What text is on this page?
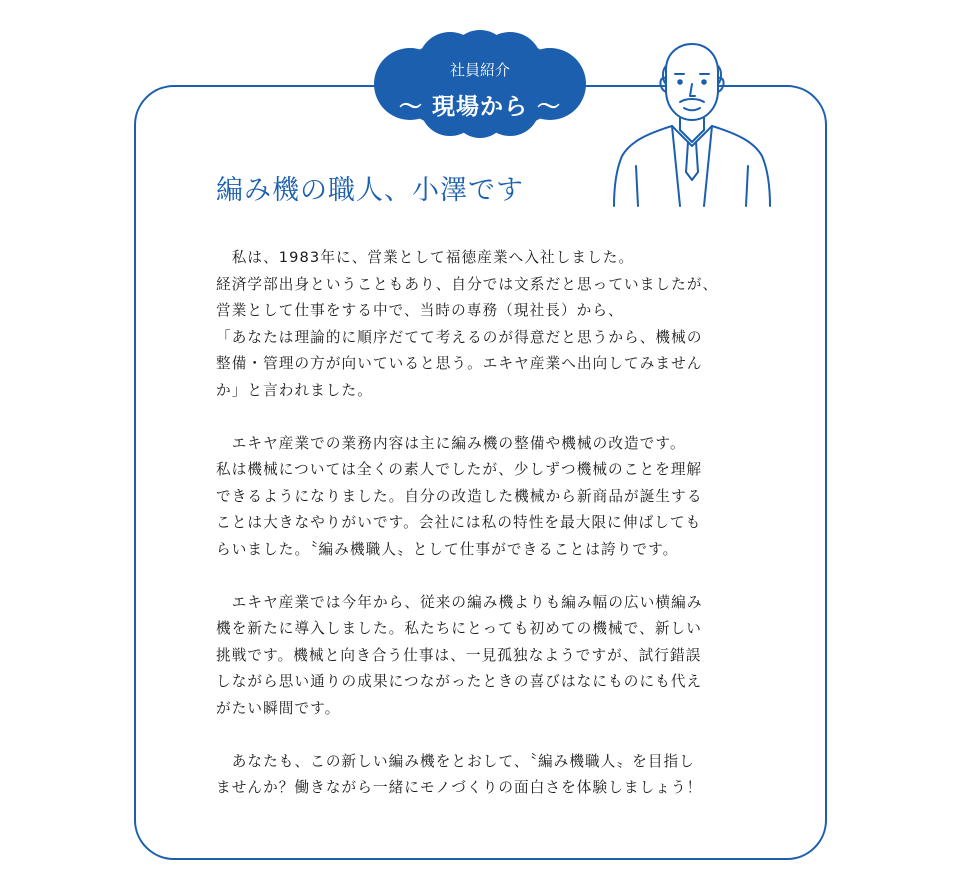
社員紹介
〜 現場から 〜
編み機の職人、小澤です

　私は、1983年に、営業として福徳産業へ入社しました。
経済学部出身ということもあり、自分では文系だと思っていましたが、
営業として仕事をする中で、当時の専務（現社長）から、
「あなたは理論的に順序だてて考えるのが得意だと思うから、機械の
整備・管理の方が向いていると思う。エキヤ産業へ出向してみません
か」と言われました。

　エキヤ産業での業務内容は主に編み機の整備や機械の改造です。
私は機械については全くの素人でしたが、少しずつ機械のことを理解
できるようになりました。自分の改造した機械から新商品が誕生する
ことは大きなやりがいです。会社には私の特性を最大限に伸ばしても
らいました。〝編み機職人〟として仕事ができることは誇りです。

　エキヤ産業では今年から、従来の編み機よりも編み幅の広い横編み
機を新たに導入しました。私たちにとっても初めての機械で、新しい
挑戦です。機械と向き合う仕事は、一見孤独なようですが、試行錯誤
しながら思い通りの成果につながったときの喜びはなにものにも代え
がたい瞬間です。

　あなたも、この新しい編み機をとおして、〝編み機職人〟を目指し
ませんか？働きながら一緒にモノづくりの面白さを体験しましょう！
